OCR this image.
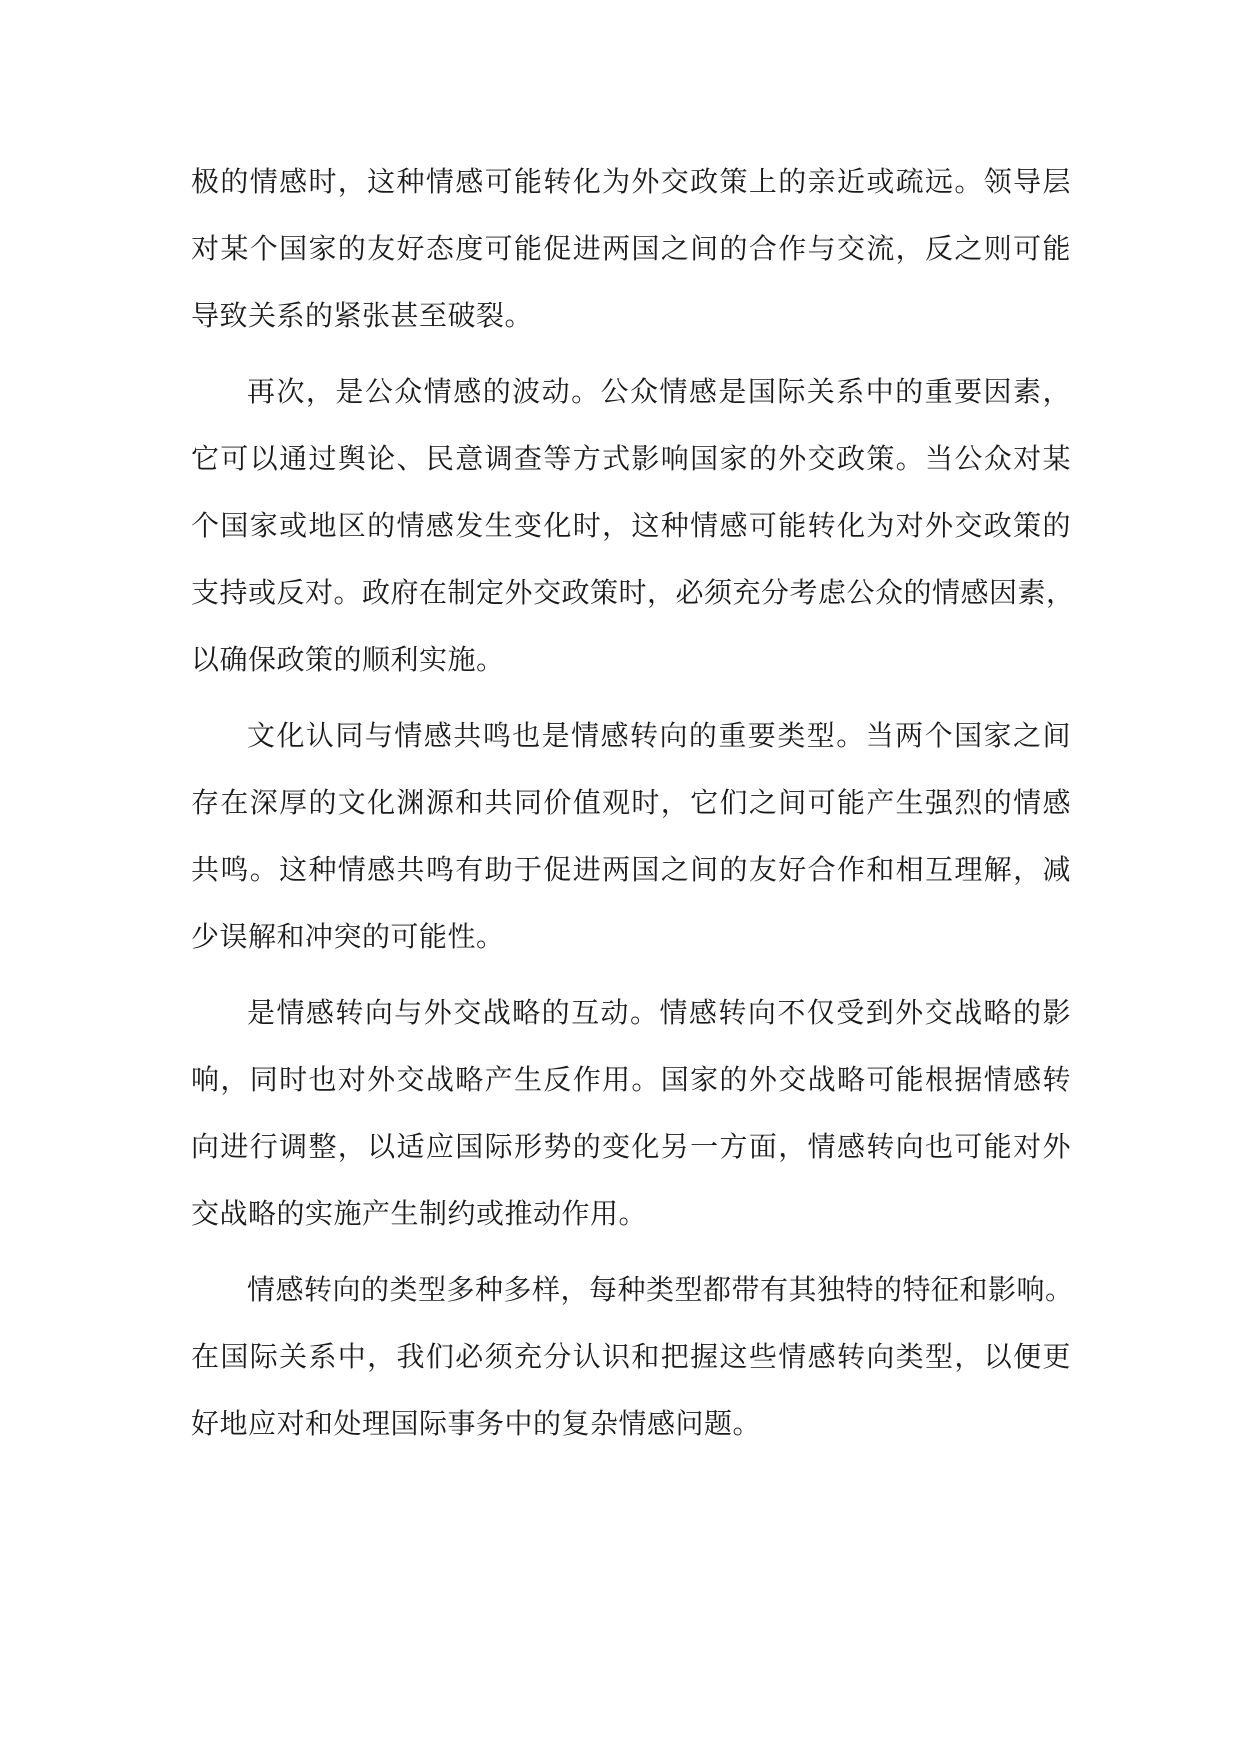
极的情感时，这种情感可能转化为外交政策上的亲近或疏远。领导层
对某个国家的友好态度可能促进两国之间的合作与交流，反之则可能
导致关系的紧张甚至破裂。
再次，是公众情感的波动。公众情感是国际关系中的重要因素，
它可以通过舆论、民意调查等方式影响国家的外交政策。当公众对某
个国家或地区的情感发生变化时，这种情感可能转化为对外交政策的
支持或反对。政府在制定外交政策时，必须充分考虑公众的情感因素，
以确保政策的顺利实施。
文化认同与情感共鸣也是情感转向的重要类型。当两个国家之间
存在深厚的文化渊源和共同价值观时，它们之间可能产生强烈的情感
共鸣。这种情感共鸣有助于促进两国之间的友好合作和相互理解，减
少误解和冲突的可能性。
是情感转向与外交战略的互动。情感转向不仅受到外交战略的影
响，同时也对外交战略产生反作用。国家的外交战略可能根据情感转
向进行调整，以适应国际形势的变化另一方面，情感转向也可能对外
交战略的实施产生制约或推动作用。
情感转向的类型多种多样，每种类型都带有其独特的特征和影响。
在国际关系中，我们必须充分认识和把握这些情感转向类型，以便更
好地应对和处理国际事务中的复杂情感问题。
